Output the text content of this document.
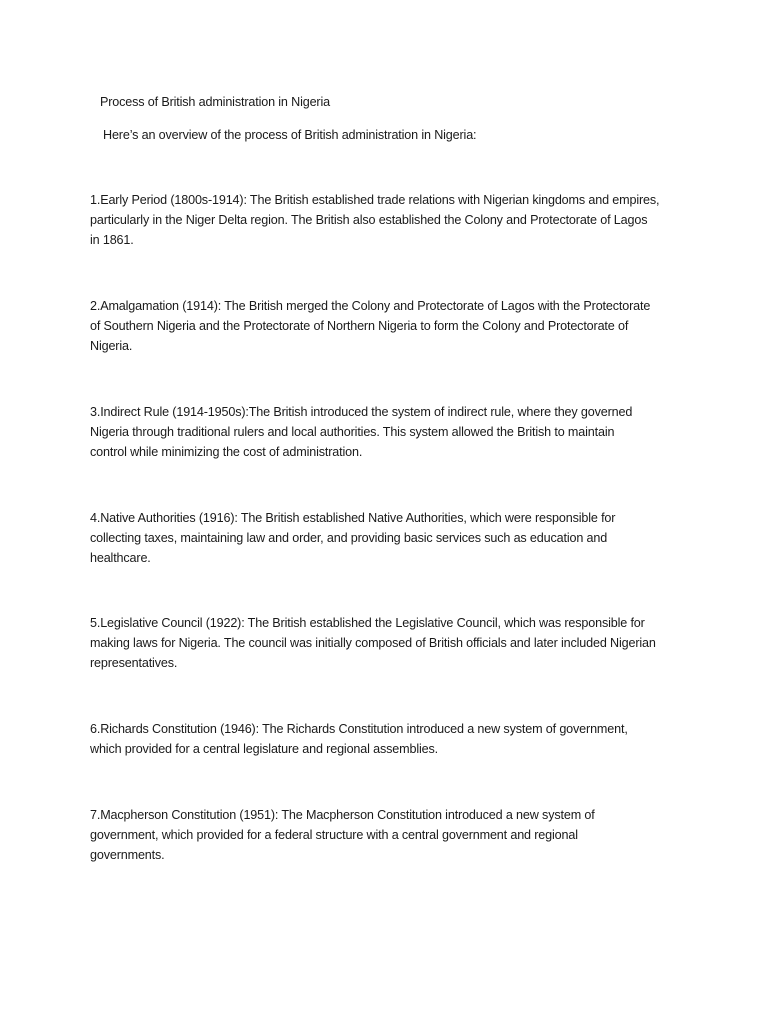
Process of British administration in Nigeria
Here’s an overview of the process of British administration in Nigeria:
1.Early Period (1800s-1914): The British established trade relations with Nigerian kingdoms and empires,
particularly in the Niger Delta region. The British also established the Colony and Protectorate of Lagos
in 1861.
2.Amalgamation (1914): The British merged the Colony and Protectorate of Lagos with the Protectorate
of Southern Nigeria and the Protectorate of Northern Nigeria to form the Colony and Protectorate of
Nigeria.
3.Indirect Rule (1914-1950s):The British introduced the system of indirect rule, where they governed
Nigeria through traditional rulers and local authorities. This system allowed the British to maintain
control while minimizing the cost of administration.
4.Native Authorities (1916): The British established Native Authorities, which were responsible for
collecting taxes, maintaining law and order, and providing basic services such as education and
healthcare.
5.Legislative Council (1922): The British established the Legislative Council, which was responsible for
making laws for Nigeria. The council was initially composed of British officials and later included Nigerian
representatives.
6.Richards Constitution (1946): The Richards Constitution introduced a new system of government,
which provided for a central legislature and regional assemblies.
7.Macpherson Constitution (1951): The Macpherson Constitution introduced a new system of
government, which provided for a federal structure with a central government and regional
governments.
